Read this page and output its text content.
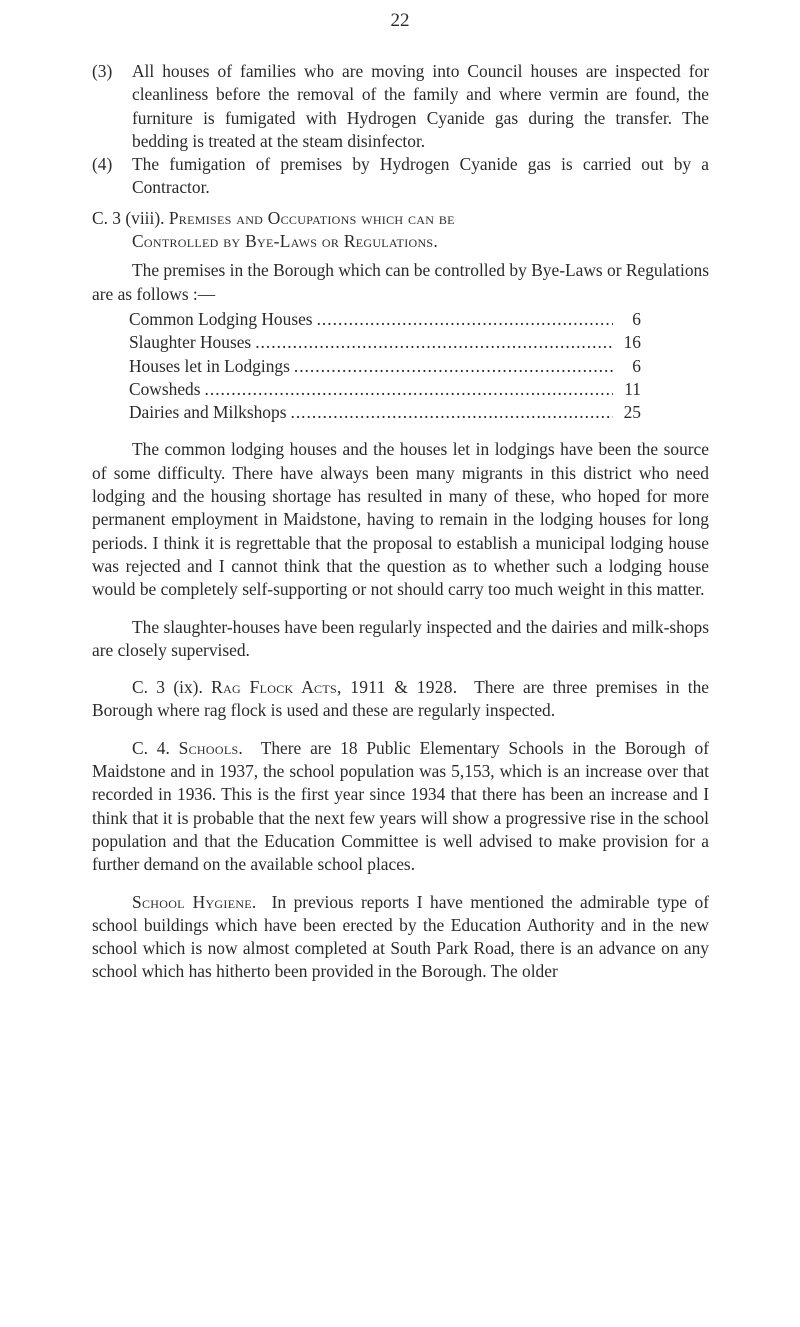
22
(3)	All houses of families who are moving into Council houses are inspected for cleanliness before the removal of the family and where vermin are found, the furniture is fumigated with Hydrogen Cyanide gas during the transfer. The bedding is treated at the steam disinfector.
(4)	The fumigation of premises by Hydrogen Cyanide gas is carried out by a Contractor.
C. 3 (viii). Premises and Occupations which can be
Controlled by Bye-Laws or Regulations.

The premises in the Borough which can be controlled by Bye-Laws or Regulations are as follows :—

Common Lodging Houses .....	6
Slaughter Houses .....	16
Houses let in Lodgings .....	6
Cowsheds .....	11
Dairies and Milkshops .....	25

The common lodging houses and the houses let in lodgings have been the source of some difficulty. There have always been many migrants in this district who need lodging and the housing shortage has resulted in many of these, who hoped for more permanent employment in Maidstone, having to remain in the lodging houses for long periods. I think it is regrettable that the proposal to establish a municipal lodging house was rejected and I cannot think that the question as to whether such a lodging house would be completely self-supporting or not should carry too much weight in this matter.

The slaughter-houses have been regularly inspected and the dairies and milk-shops are closely supervised.

C. 3 (ix). Rag Flock Acts, 1911 & 1928. There are three premises in the Borough where rag flock is used and these are regularly inspected.

C. 4. Schools. There are 18 Public Elementary Schools in the Borough of Maidstone and in 1937, the school population was 5,153, which is an increase over that recorded in 1936. This is the first year since 1934 that there has been an increase and I think that it is probable that the next few years will show a progressive rise in the school population and that the Education Committee is well advised to make provision for a further demand on the available school places.

School Hygiene. In previous reports I have mentioned the admirable type of school buildings which have been erected by the Education Authority and in the new school which is now almost completed at South Park Road, there is an advance on any school which has hitherto been provided in the Borough. The older
